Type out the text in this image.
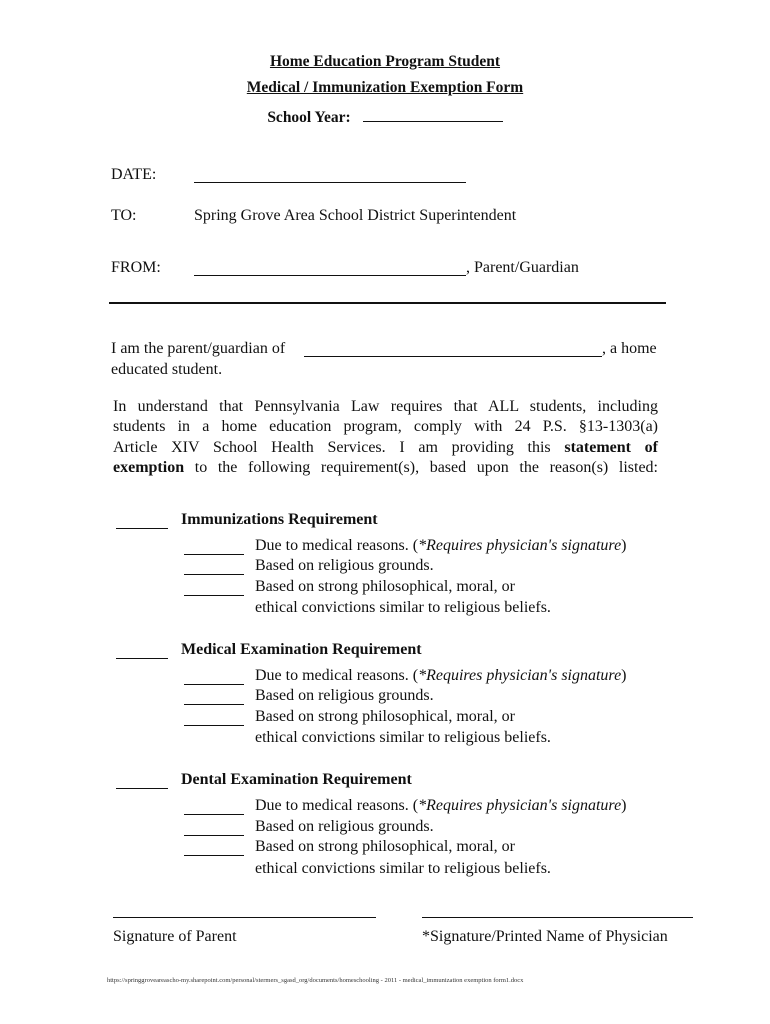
Home Education Program Student
Medical / Immunization Exemption Form
School Year:
DATE:
TO:	Spring Grove Area School District Superintendent
FROM:	, Parent/Guardian
I am the parent/guardian of	, a home
educated student.
In understand that Pennsylvania Law requires that ALL students, including
students in a home education program, comply with 24 P.S. §13-1303(a)
Article XIV School Health Services. I am providing this statement of
exemption to the following requirement(s), based upon the reason(s) listed:
Immunizations Requirement
Due to medical reasons. (*Requires physician's signature)
Based on religious grounds.
Based on strong philosophical, moral, or
ethical convictions similar to religious beliefs.
Medical Examination Requirement
Due to medical reasons. (*Requires physician's signature)
Based on religious grounds.
Based on strong philosophical, moral, or
ethical convictions similar to religious beliefs.
Dental Examination Requirement
Due to medical reasons. (*Requires physician's signature)
Based on religious grounds.
Based on strong philosophical, moral, or
ethical convictions similar to religious beliefs.
Signature of Parent	*Signature/Printed Name of Physician
https://springgroveareascho-my.sharepoint.com/personal/stermers_sgasd_org/documents/homeschooling - 2011 - medical_immunization exemption form1.docx
